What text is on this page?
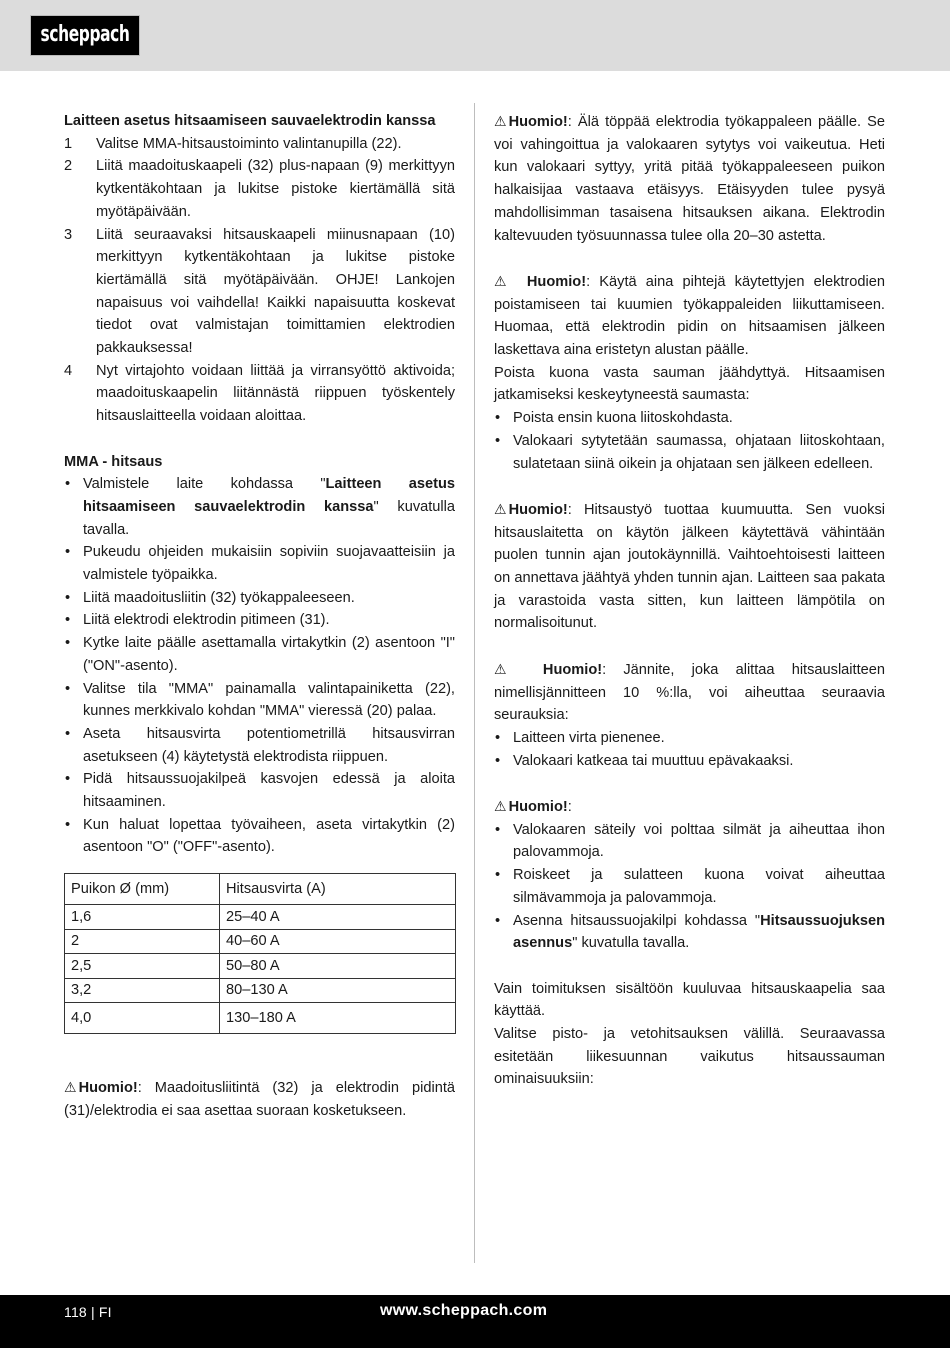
scheppach
Laitteen asetus hitsaamiseen sauvaelektrodin kanssa
1	Valitse MMA-hitsaustoiminto valintanupilla (22).
2	Liitä maadoituskaapeli (32) plus-napaan (9) merkittyyn kytkentäkohtaan ja lukitse pistoke kiertämällä sitä myötäpäivään.
3	Liitä seuraavaksi hitsauskaapeli miinusnapaan (10) merkittyyn kytkentäkohtaan ja lukitse pistoke kiertämällä sitä myötäpäivään. OHJE! Lankojen napaisuus voi vaihdella! Kaikki napaisuutta koskevat tiedot ovat valmistajan toimittamien elektrodien pakkauksessa!
4	Nyt virtajohto voidaan liittää ja virransyöttö aktivoida; maadoituskaapelin liitännästä riippuen työskentely hitsauslaitteella voidaan aloittaa.
MMA - hitsaus
• Valmistele laite kohdassa "Laitteen asetus hitsaamiseen sauvaelektrodin kanssa" kuvatulla tavalla.
• Pukeudu ohjeiden mukaisiin sopiviin suojavaatteisiin ja valmistele työpaikka.
• Liitä maadoitusliitin (32) työkappaleeseen.
• Liitä elektrodi elektrodin pitimeen (31).
• Kytke laite päälle asettamalla virtakytkin (2) asentoon "I" ("ON"-asento).
• Valitse tila "MMA" painamalla valintapainiketta (22), kunnes merkkivalo kohdan "MMA" vieressä (20) palaa.
• Aseta hitsausvirta potentiometrillä hitsausvirran asetukseen (4) käytetystä elektrodista riippuen.
• Pidä hitsaussuojakilpeä kasvojen edessä ja aloita hitsaaminen.
• Kun haluat lopettaa työvaiheen, aseta virtakytkin (2) asentoon "O" ("OFF"-asento).
Puikon Ø (mm)	Hitsausvirta (A)
1,6	25–40 A
2	40–60 A
2,5	50–80 A
3,2	80–130 A
4,0	130–180 A
⚠ Huomio!: Maadoitusliitintä (32) ja elektrodin pidintä (31)/elektrodia ei saa asettaa suoraan kosketukseen.
⚠ Huomio!: Älä töppää elektrodia työkappaleen päälle. Se voi vahingoittua ja valokaaren sytytys voi vaikeutua. Heti kun valokaari syttyy, yritä pitää työkappaleeseen puikon halkaisijaa vastaava etäisyys. Etäisyyden tulee pysyä mahdollisimman tasaisena hitsauksen aikana. Elektrodin kaltevuuden työsuunnassa tulee olla 20–30 astetta.
⚠ Huomio!: Käytä aina pihtejä käytettyjen elektrodien poistamiseen tai kuumien työkappaleiden liikuttamiseen. Huomaa, että elektrodin pidin on hitsaamisen jälkeen laskettava aina eristetyn alustan päälle.
Poista kuona vasta sauman jäähdyttyä. Hitsaamisen jatkamiseksi keskeytyneestä saumasta:
• Poista ensin kuona liitoskohdasta.
• Valokaari sytytetään saumassa, ohjataan liitoskohtaan, sulatetaan siinä oikein ja ohjataan sen jälkeen edelleen.
⚠ Huomio!: Hitsaustyö tuottaa kuumuutta. Sen vuoksi hitsauslaitetta on käytön jälkeen käytettävä vähintään puolen tunnin ajan joutokäynnillä. Vaihtoehtoisesti laitteen on annettava jäähtyä yhden tunnin ajan. Laitteen saa pakata ja varastoida vasta sitten, kun laitteen lämpötila on normalisoitunut.
⚠ Huomio!: Jännite, joka alittaa hitsauslaitteen nimellisjännitteen 10 %:lla, voi aiheuttaa seuraavia seurauksia:
• Laitteen virta pienenee.
• Valokaari katkeaa tai muuttuu epävakaaksi.
⚠ Huomio!:
• Valokaaren säteily voi polttaa silmät ja aiheuttaa ihon palovammoja.
• Roiskeet ja sulatteen kuona voivat aiheuttaa silmävammoja ja palovammoja.
• Asenna hitsaussuojakilpi kohdassa "Hitsaussuojuksen asennus" kuvatulla tavalla.
Vain toimituksen sisältöön kuuluvaa hitsauskaapelia saa käyttää.
Valitse pisto- ja vetohitsauksen välillä. Seuraavassa esitetään liikesuunnan vaikutus hitsaussauman ominaisuuksiin:
118 | FI	www.scheppach.com
